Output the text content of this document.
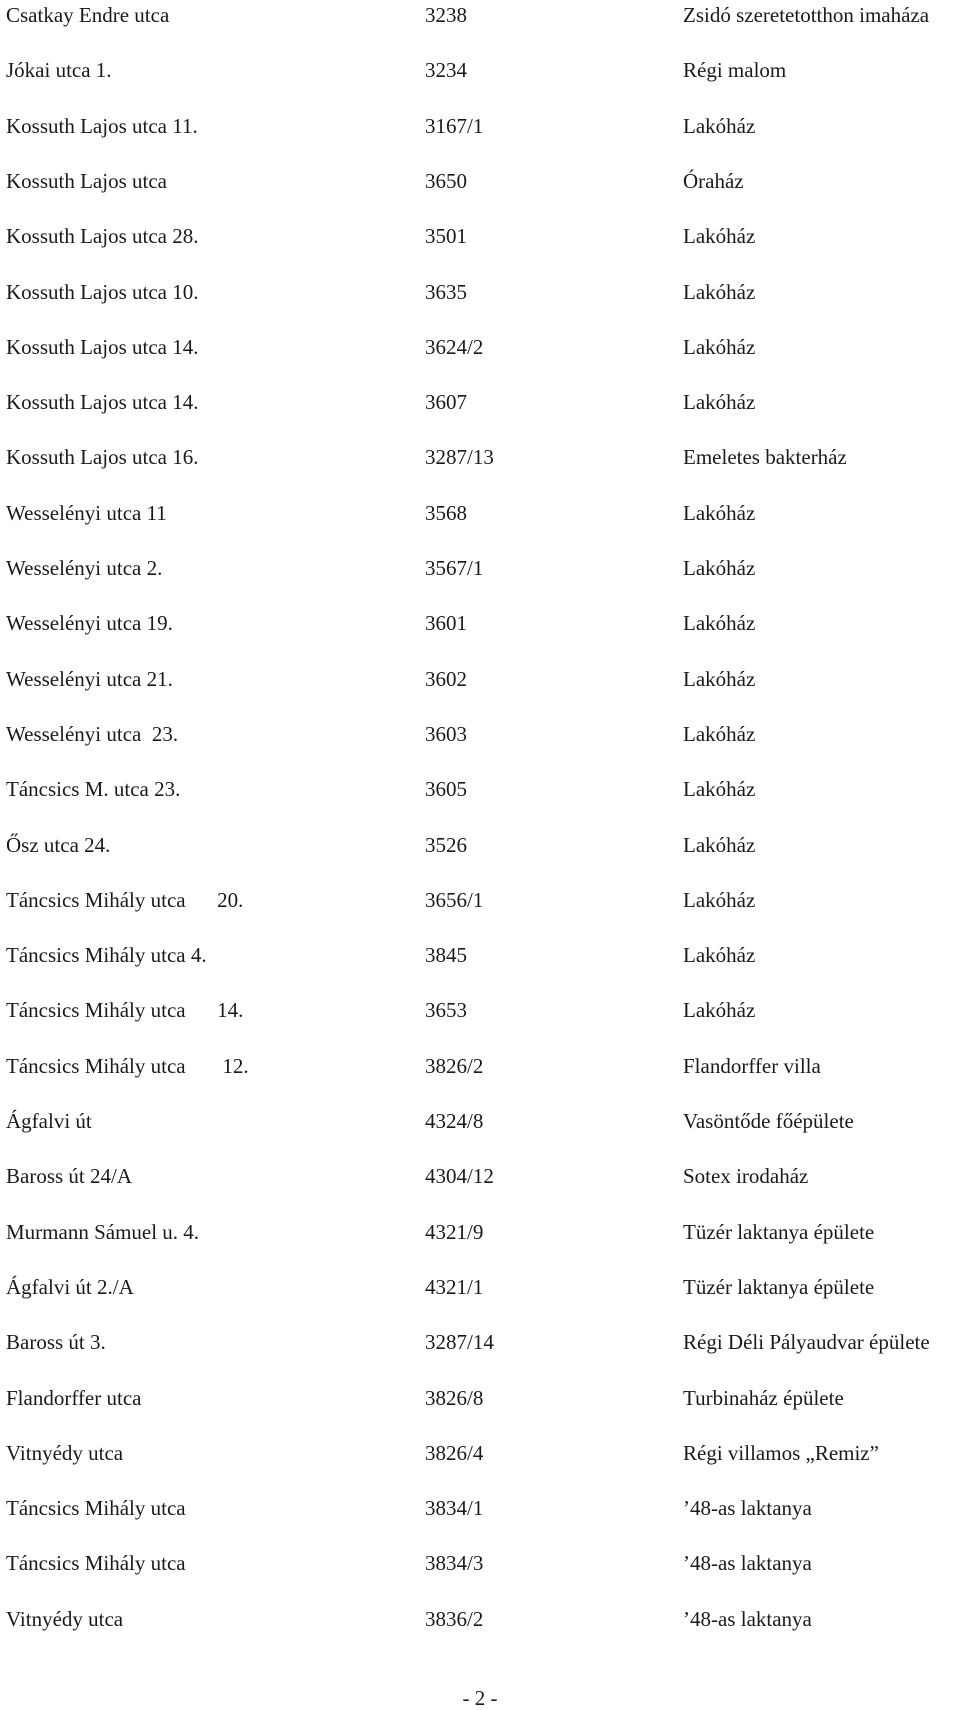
Csatkay Endre utca	3238	Zsidó szeretetotthon imaháza
Jókai utca 1.	3234	Régi malom
Kossuth Lajos utca 11.	3167/1	Lakóház
Kossuth Lajos utca	3650	Óraház
Kossuth Lajos utca 28.	3501	Lakóház
Kossuth Lajos utca 10.	3635	Lakóház
Kossuth Lajos utca 14.	3624/2	Lakóház
Kossuth Lajos utca 14.	3607	Lakóház
Kossuth Lajos utca 16.	3287/13	Emeletes bakterház
Wesselényi utca 11	3568	Lakóház
Wesselényi utca 2.	3567/1	Lakóház
Wesselényi utca 19.	3601	Lakóház
Wesselényi utca 21.	3602	Lakóház
Wesselényi utca  23.	3603	Lakóház
Táncsics M. utca 23.	3605	Lakóház
Ősz utca 24.	3526	Lakóház
Táncsics Mihály utca      20.	3656/1	Lakóház
Táncsics Mihály utca 4.	3845	Lakóház
Táncsics Mihály utca      14.	3653	Lakóház
Táncsics Mihály utca       12.	3826/2	Flandorffer villa
Ágfalvi út	4324/8	Vasöntőde főépülete
Baross út 24/A	4304/12	Sotex irodaház
Murmann Sámuel u. 4.	4321/9	Tüzér laktanya épülete
Ágfalvi út 2./A	4321/1	Tüzér laktanya épülete
Baross út 3.	3287/14	Régi Déli Pályaudvar épülete
Flandorffer utca	3826/8	Turbinaház épülete
Vitnyédy utca	3826/4	Régi villamos „Remiz”
Táncsics Mihály utca	3834/1	’48-as laktanya
Táncsics Mihály utca	3834/3	’48-as laktanya
Vitnyédy utca	3836/2	’48-as laktanya
- 2 -
